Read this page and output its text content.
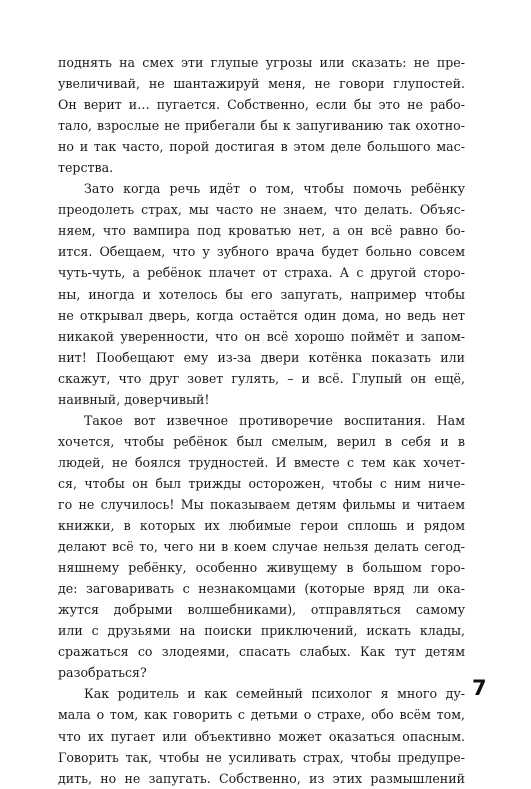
поднять на смех эти глупые угрозы или сказать: не пре-
увеличивай, не шантажируй меня, не говори глупостей.
Он верит и… пугается. Собственно, если бы это не рабо-
тало, взрослые не прибегали бы к запугиванию так охотно-
но и так часто, порой достигая в этом деле большого мас-
терства.
Зато когда речь идёт о том, чтобы помочь ребёнку
преодолеть страх, мы часто не знаем, что делать. Объяс-
няем, что вампира под кроватью нет, а он всё равно бо-
ится. Обещаем, что у зубного врача будет больно совсем
чуть-чуть, а ребёнок плачет от страха. А с другой сторо-
ны, иногда и хотелось бы его запугать, например чтобы
не открывал дверь, когда остаётся один дома, но ведь нет
никакой уверенности, что он всё хорошо поймёт и запом-
нит! Пообещают ему из-за двери котёнка показать или
скажут, что друг зовет гулять, – и всё. Глупый он ещё,
наивный, доверчивый!
Такое вот извечное противоречие воспитания. Нам
хочется, чтобы ребёнок был смелым, верил в себя и в
людей, не боялся трудностей. И вместе с тем как хочет-
ся, чтобы он был трижды осторожен, чтобы с ним ниче-
го не случилось! Мы показываем детям фильмы и читаем
книжки, в которых их любимые герои сплошь и рядом
делают всё то, чего ни в коем случае нельзя делать сегод-
няшнему ребёнку, особенно живущему в большом горо-
де: заговаривать с незнакомцами (которые вряд ли ока-
жутся добрыми волшебниками), отправляться самому
или с друзьями на поиски приключений, искать клады,
сражаться со злодеями, спасать слабых. Как тут детям
разобраться?
Как родитель и как семейный психолог я много ду-
мала о том, как говорить с детьми о страхе, обо всём том,
что их пугает или объективно может оказаться опасным.
Говорить так, чтобы не усиливать страх, чтобы предупре-
дить, но не запугать. Собственно, из этих размышлений
7
